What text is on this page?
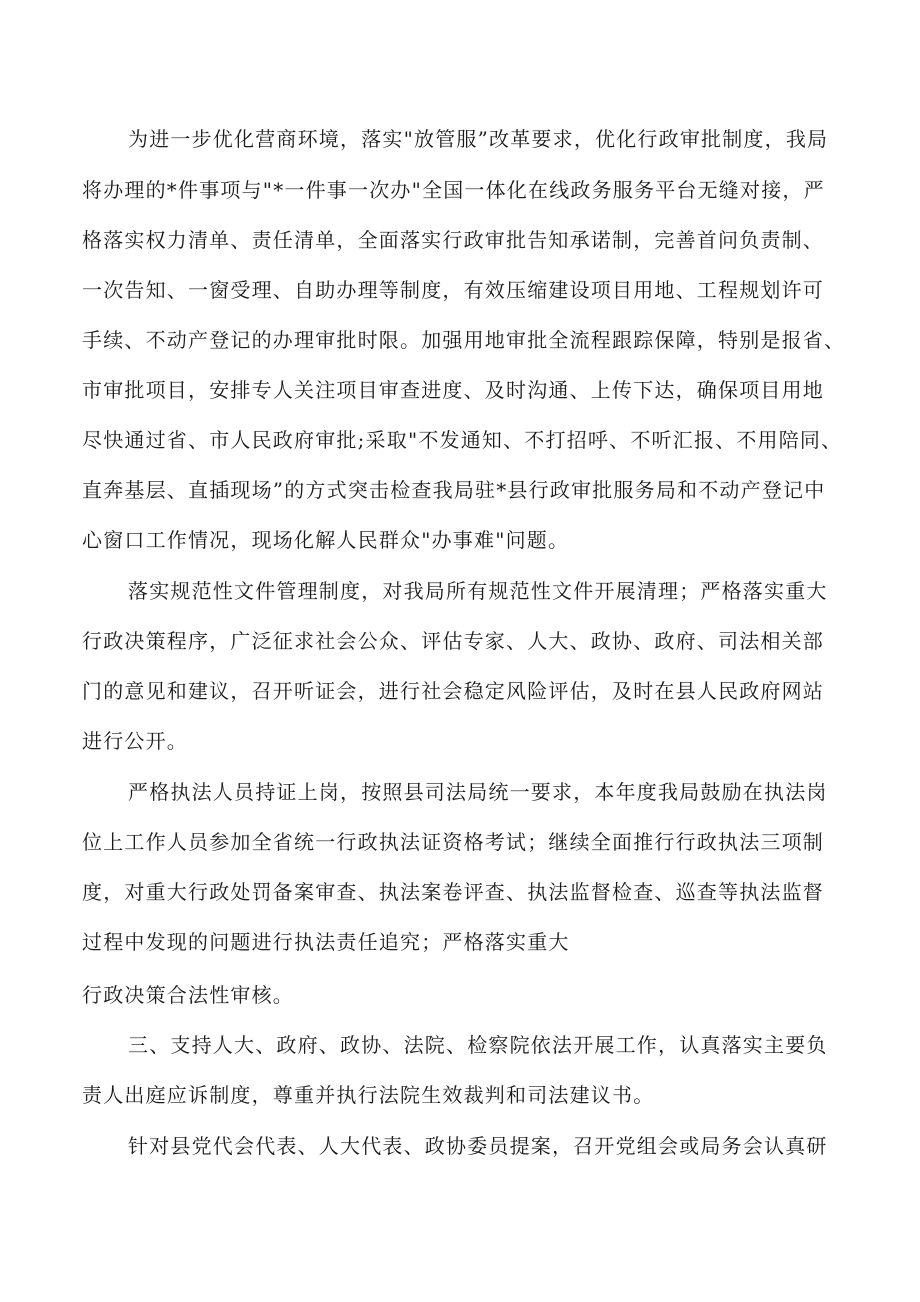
为进一步优化营商环境，落实"放管服”改革要求，优化行政审批制度，我局

将办理的*件事项与"*一件事一次办"全国一体化在线政务服务平台无缝对接，严

格落实权力清单、责任清单，全面落实行政审批告知承诺制，完善首问负责制、

一次告知、一窗受理、自助办理等制度，有效压缩建设项目用地、工程规划许可

手续、不动产登记的办理审批时限。加强用地审批全流程跟踪保障，特别是报省、

市审批项目，安排专人关注项目审查进度、及时沟通、上传下达，确保项目用地

尽快通过省、市人民政府审批;采取"不发通知、不打招呼、不听汇报、不用陪同、

直奔基层、直插现场”的方式突击检查我局驻*县行政审批服务局和不动产登记中

心窗口工作情况，现场化解人民群众"办事难"问题。

落实规范性文件管理制度，对我局所有规范性文件开展清理；严格落实重大

行政决策程序，广泛征求社会公众、评估专家、人大、政协、政府、司法相关部

门的意见和建议，召开听证会，进行社会稳定风险评估，及时在县人民政府网站

进行公开。

严格执法人员持证上岗，按照县司法局统一要求，本年度我局鼓励在执法岗

位上工作人员参加全省统一行政执法证资格考试；继续全面推行行政执法三项制

度，对重大行政处罚备案审查、执法案卷评查、执法监督检查、巡查等执法监督

过程中发现的问题进行执法责任追究；严格落实重大

行政决策合法性审核。

三、支持人大、政府、政协、法院、检察院依法开展工作，认真落实主要负

责人出庭应诉制度，尊重并执行法院生效裁判和司法建议书。

针对县党代会代表、人大代表、政协委员提案，召开党组会或局务会认真研
